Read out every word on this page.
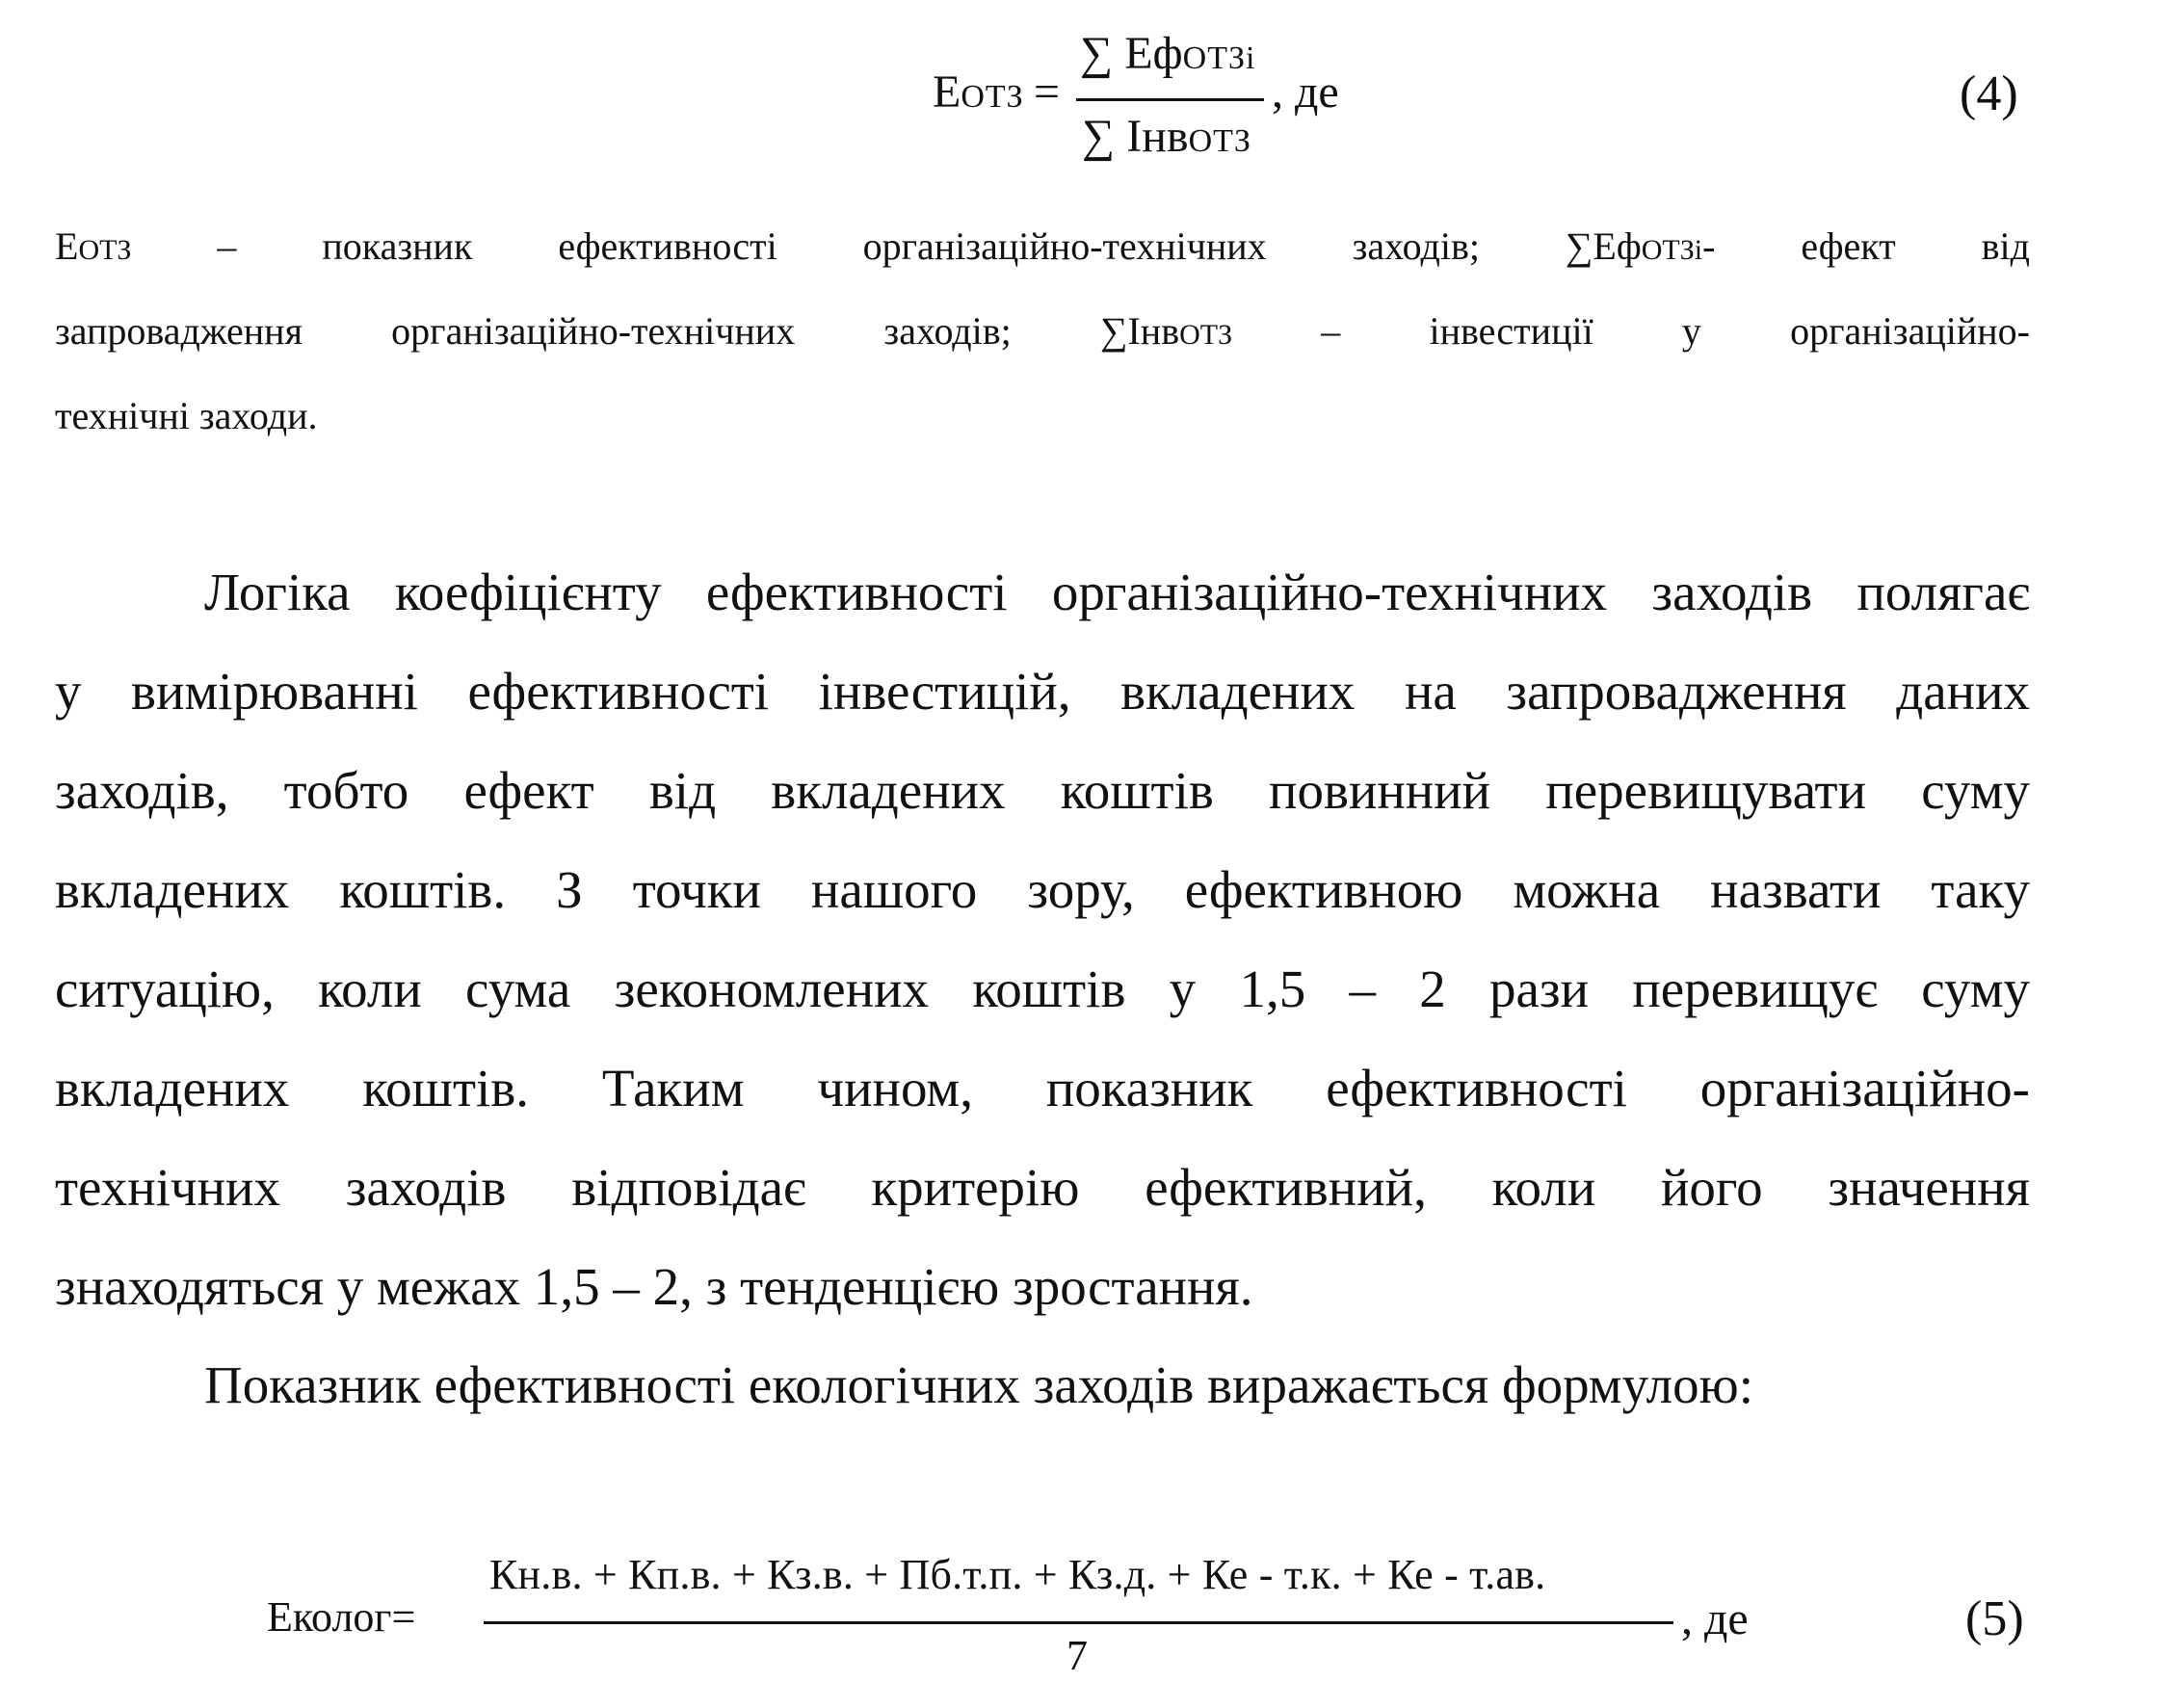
ЕОТЗ =
∑ ЕфОТЗi
∑ ІнвОТЗ
, де	(4)
ЕОТЗ – показник ефективності організаційно-технічних заходів; ∑ЕфОТЗі- ефект від
запровадження організаційно-технічних заходів; ∑ІнвОТЗ – інвестиції у організаційно-
технічні заходи.
Логіка коефіцієнту ефективності організаційно-технічних заходів полягає
у вимірюванні ефективності інвестицій, вкладених на запровадження даних
заходів, тобто ефект від вкладених коштів повинний перевищувати суму
вкладених коштів. З точки нашого зору, ефективною можна назвати таку
ситуацію, коли сума зекономлених коштів у 1,5 – 2 рази перевищує суму
вкладених коштів. Таким чином, показник ефективності організаційно-
технічних заходів відповідає критерію ефективний, коли його значення
знаходяться у межах 1,5 – 2, з тенденцією зростання.
Показник ефективності екологічних заходів виражається формулою:
Еколог=
Кн.в. + Кп.в. + Кз.в. + Пб.т.п. + Кз.д. + Ке - т.к. + Ке - т.ав.
7
, де	(5)
